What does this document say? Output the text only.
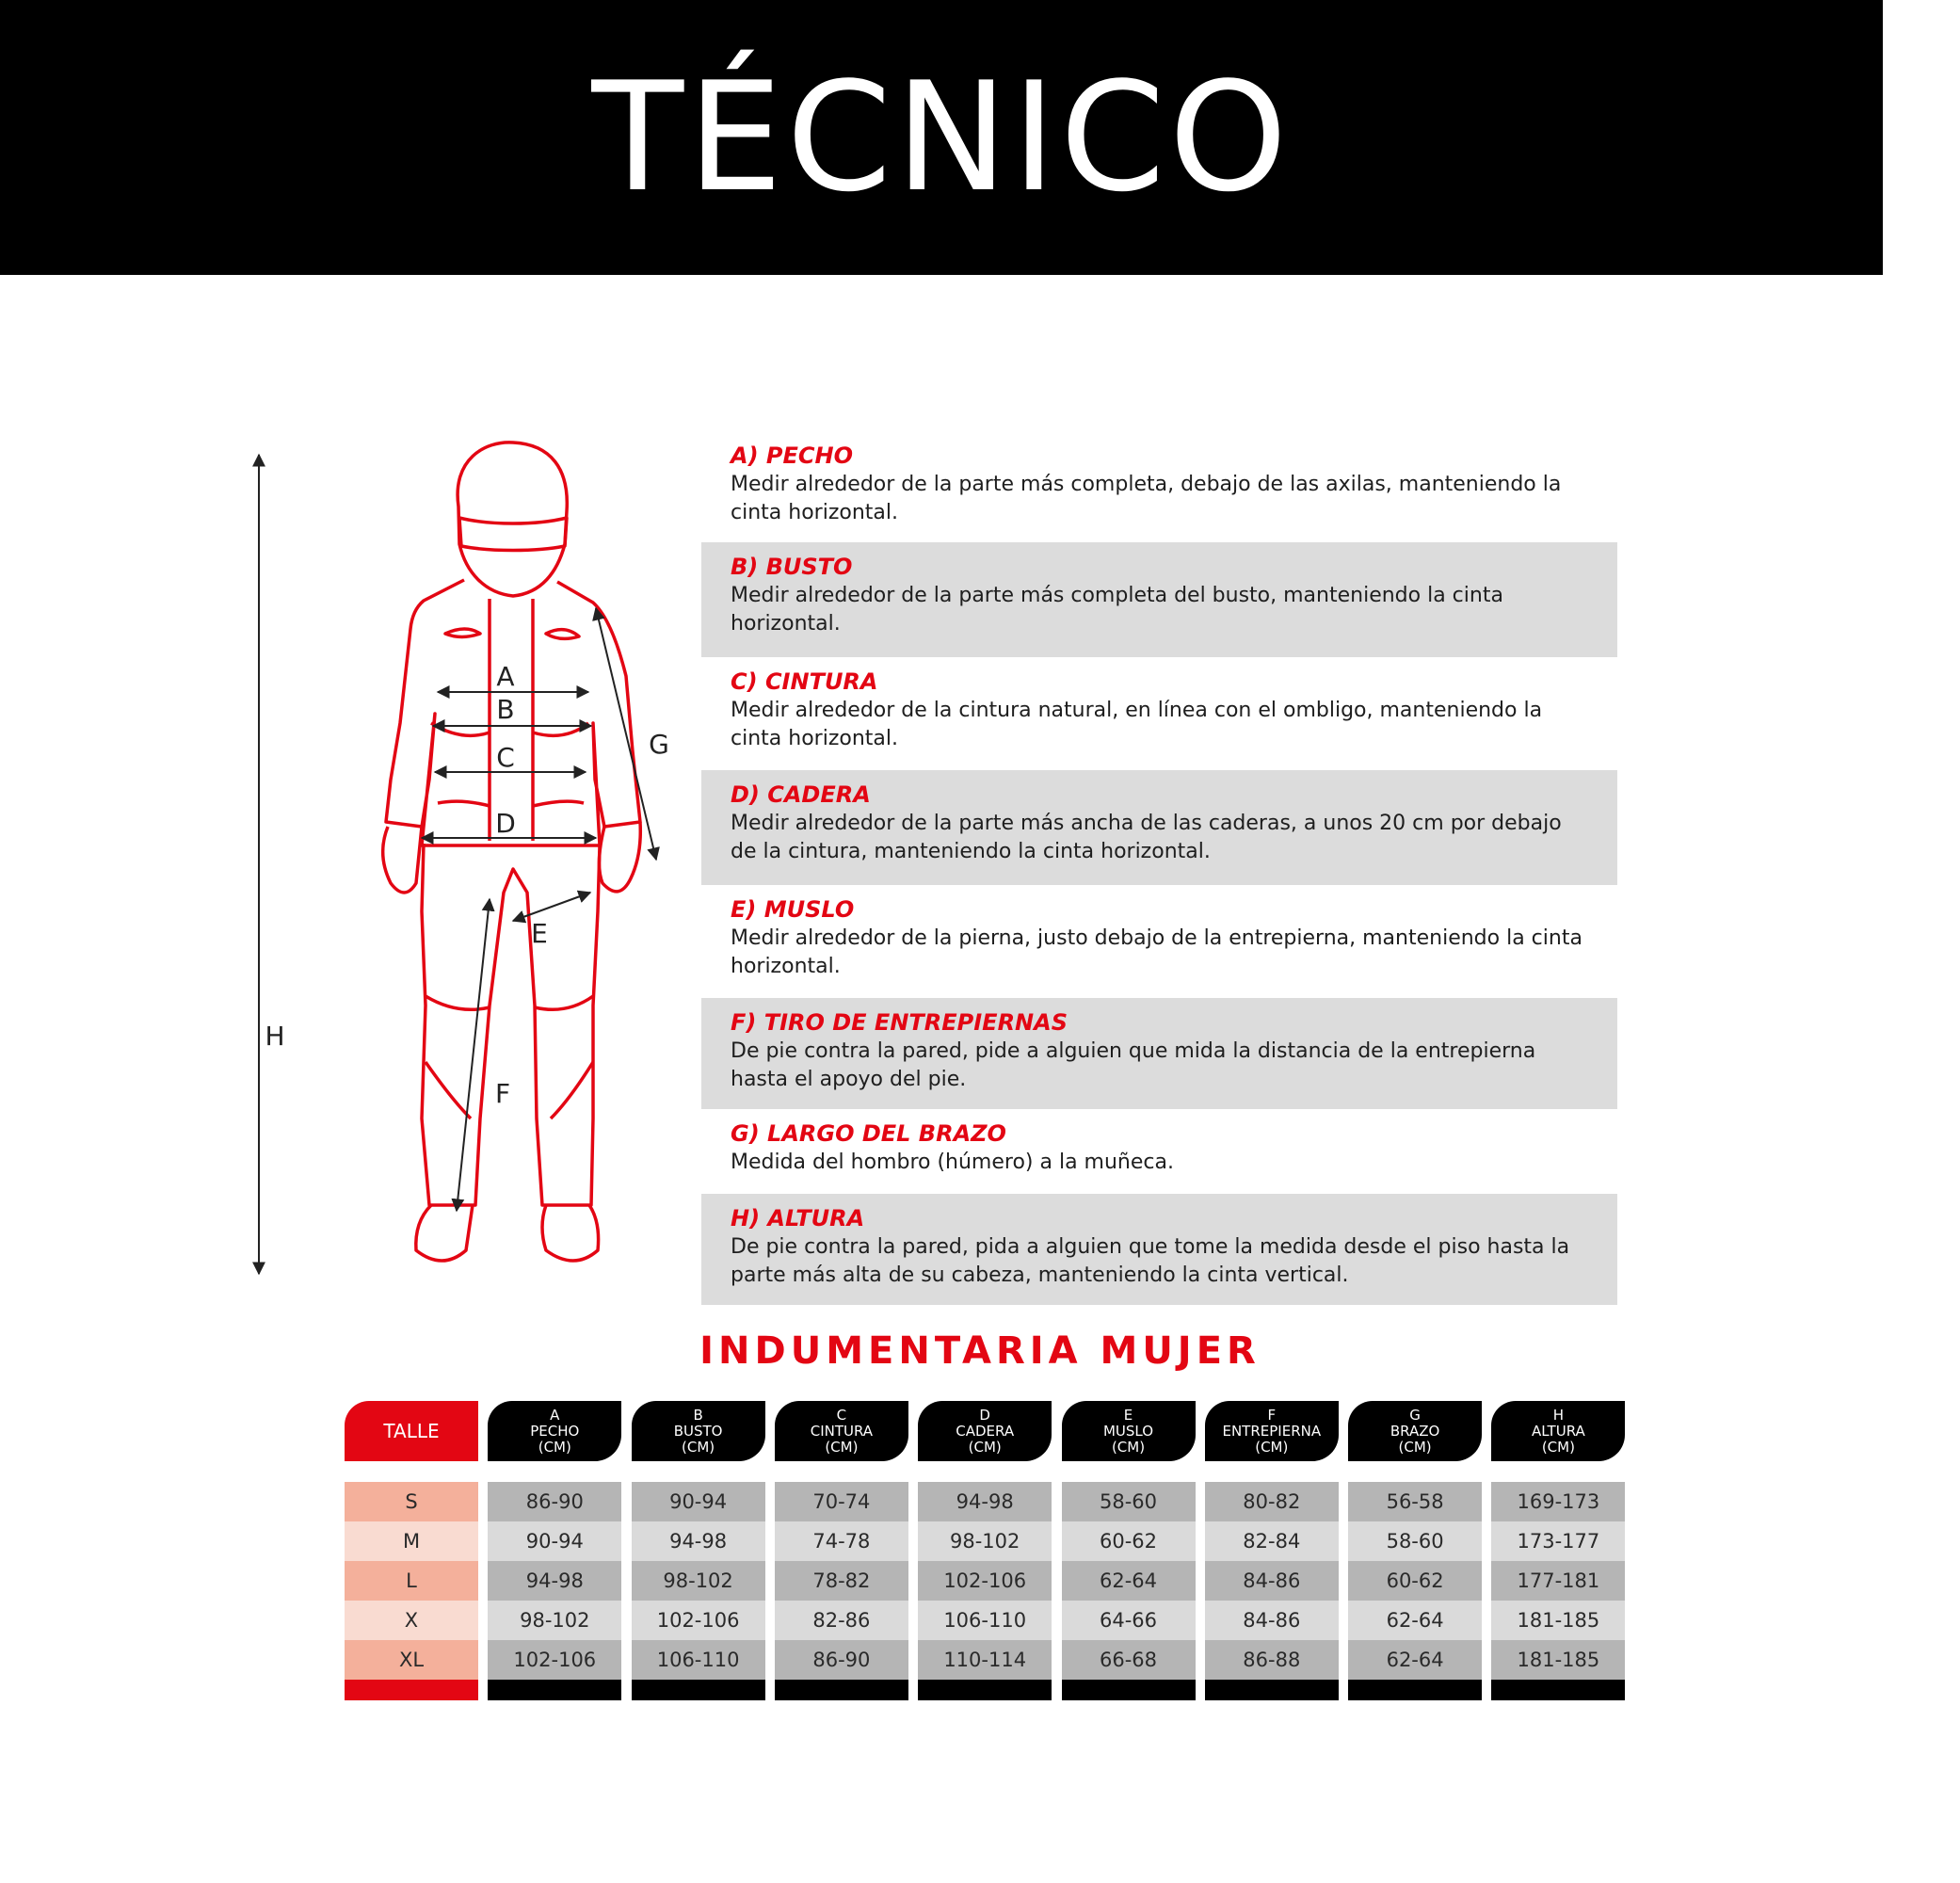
TÉCNICO
A
B
C
D
E
F
G
H
A) PECHO
Medir alrededor de la parte más completa, debajo de las axilas, manteniendo la cinta horizontal.
B) BUSTO
Medir alrededor de la parte más completa del busto, manteniendo la cinta horizontal.
C) CINTURA
Medir alrededor de la cintura natural, en línea con el ombligo, manteniendo la cinta horizontal.
D) CADERA
Medir alrededor de la parte más ancha de las caderas, a unos 20 cm por debajo de la cintura, manteniendo la cinta horizontal.
E) MUSLO
Medir alrededor de la pierna, justo debajo de la entrepierna, manteniendo la cinta horizontal.
F) TIRO DE ENTREPIERNAS
De pie contra la pared, pide a alguien que mida la distancia de la entrepierna hasta el apoyo del pie.
G) LARGO DEL BRAZO
Medida del hombro (húmero) a la muñeca.
H) ALTURA
De pie contra la pared, pida a alguien que tome la medida desde el piso hasta la parte más alta de su cabeza, manteniendo la cinta vertical.
INDUMENTARIA MUJER
TALLE
S
M
L
X
XL
A
PECHO
(CM)
86-90
90-94
94-98
98-102
102-106
B
BUSTO
(CM)
90-94
94-98
98-102
102-106
106-110
C
CINTURA
(CM)
70-74
74-78
78-82
82-86
86-90
D
CADERA
(CM)
94-98
98-102
102-106
106-110
110-114
E
MUSLO
(CM)
58-60
60-62
62-64
64-66
66-68
F
ENTREPIERNA
(CM)
80-82
82-84
84-86
84-86
86-88
G
BRAZO
(CM)
56-58
58-60
60-62
62-64
62-64
H
ALTURA
(CM)
169-173
173-177
177-181
181-185
181-185
